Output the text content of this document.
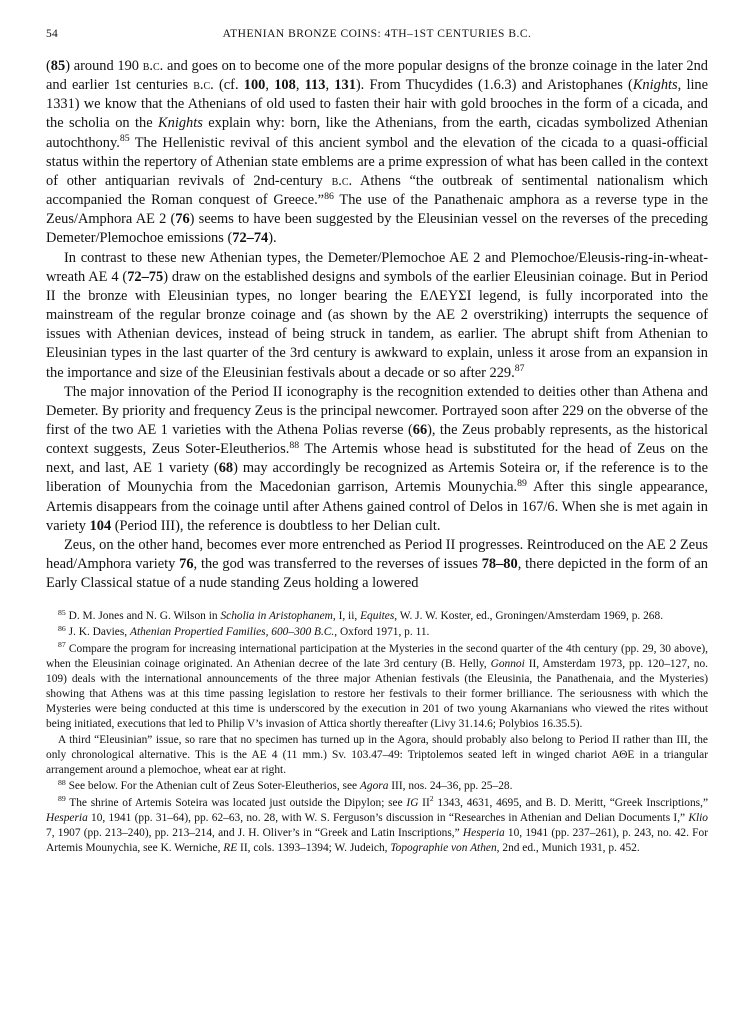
54	ATHENIAN BRONZE COINS: 4TH–1ST CENTURIES B.C.

(85) around 190 b.c. and goes on to become one of the more popular designs of the bronze coinage in the later 2nd and earlier 1st centuries b.c. (cf. 100, 108, 113, 131). From Thucydides (1.6.3) and Aristophanes (Knights, line 1331) we know that the Athenians of old used to fasten their hair with gold brooches in the form of a cicada, and the scholia on the Knights explain why: born, like the Athenians, from the earth, cicadas symbolized Athenian autochthony.$^{85}$ The Hellenistic revival of this ancient symbol and the elevation of the cicada to a quasi-official status within the repertory of Athenian state emblems are a prime expression of what has been called in the context of other antiquarian revivals of 2nd-century b.c. Athens “the outbreak of sentimental nationalism which accompanied the Roman conquest of Greece.”$^{86}$ The use of the Panathenaic amphora as a reverse type in the Zeus/Amphora AE 2 (76) seems to have been suggested by the Eleusinian vessel on the reverses of the preceding Demeter/Plemochoe emissions (72–74).

In contrast to these new Athenian types, the Demeter/Plemochoe AE 2 and Plemochoe/Eleusis-ring-in-wheat-wreath AE 4 (72–75) draw on the established designs and symbols of the earlier Eleusinian coinage. But in Period II the bronze with Eleusinian types, no longer bearing the ΕΛΕΥΣΙ legend, is fully incorporated into the mainstream of the regular bronze coinage and (as shown by the AE 2 overstriking) interrupts the sequence of issues with Athenian devices, instead of being struck in tandem, as earlier. The abrupt shift from Athenian to Eleusinian types in the last quarter of the 3rd century is awkward to explain, unless it arose from an expansion in the importance and size of the Eleusinian festivals about a decade or so after 229.87

The major innovation of the Period II iconography is the recognition extended to deities other than Athena and Demeter. By priority and frequency Zeus is the principal newcomer. Portrayed soon after 229 on the obverse of the first of the two AE 1 varieties with the Athena Polias reverse (66), the Zeus probably represents, as the historical context suggests, Zeus Soter-Eleutherios.$^{88}$ The Artemis whose head is substituted for the head of Zeus on the next, and last, AE 1 variety (68) may accordingly be recognized as Artemis Soteira or, if the reference is to the liberation of Mounychia from the Macedonian garrison, Artemis Mounychia.$^{89}$ After this single appearance, Artemis disappears from the coinage until after Athens gained control of Delos in 167/6. When she is met again in variety 104 (Period III), the reference is doubtless to her Delian cult.

Zeus, on the other hand, becomes ever more entrenched as Period II progresses. Reintroduced on the AE 2 Zeus head/Amphora variety 76, the god was transferred to the reverses of issues 78–80, there depicted in the form of an Early Classical statue of a nude standing Zeus holding a lowered

$^{85}$ D. M. Jones and N. G. Wilson in Scholia in Aristophanem, I, ii, Equites, W. J. W. Koster, ed., Groningen/Amsterdam 1969, p. 268.

$^{86}$ J. K. Davies, Athenian Propertied Families, 600–300 B.C., Oxford 1971, p. 11.

$^{87}$ Compare the program for increasing international participation at the Mysteries in the second quarter of the 4th century (pp. 29, 30 above), when the Eleusinian coinage originated. An Athenian decree of the late 3rd century (B. Helly, Gonnoi II, Amsterdam 1973, pp. 120–127, no. 109) deals with the international announcements of the three major Athenian festivals (the Eleusinia, the Panathenaia, and the Mysteries) showing that Athens was at this time passing legislation to restore her festivals to their former brilliance. The seriousness with which the Mysteries were being conducted at this time is underscored by the execution in 201 of two young Akarnanians who viewed the rites without being initiated, executions that led to Philip V’s invasion of Attica shortly thereafter (Livy 31.14.6; Polybios 16.35.5).

A third “Eleusinian” issue, so rare that no specimen has turned up in the Agora, should probably also belong to Period II rather than III, the only chronological alternative. This is the AE 4 (11 mm.) Sv. 103.47–49: Triptolemos seated left in winged chariot ΑΘΕ in a triangular arrangement around a plemochoe, wheat ear at right.

$^{88}$ See below. For the Athenian cult of Zeus Soter-Eleutherios, see Agora III, nos. 24–36, pp. 25–28.

$^{89}$ The shrine of Artemis Soteira was located just outside the Dipylon; see IG $II^2$ 1343, 4631, 4695, and B. D. Meritt, “Greek Inscriptions,” Hesperia 10, 1941 (pp. 31–64), pp. 62–63, no. 28, with W. S. Ferguson’s discussion in “Researches in Athenian and Delian Documents I,” Klio 7, 1907 (pp. 213–240), pp. 213–214, and J. H. Oliver’s in “Greek and Latin Inscriptions,” Hesperia 10, 1941 (pp. 237–261), p. 243, no. 42. For Artemis Mounychia, see K. Werniche, RE II, cols. 1393–1394; W. Judeich, Topographie von Athen, 2nd ed., Munich 1931, p. 452.
